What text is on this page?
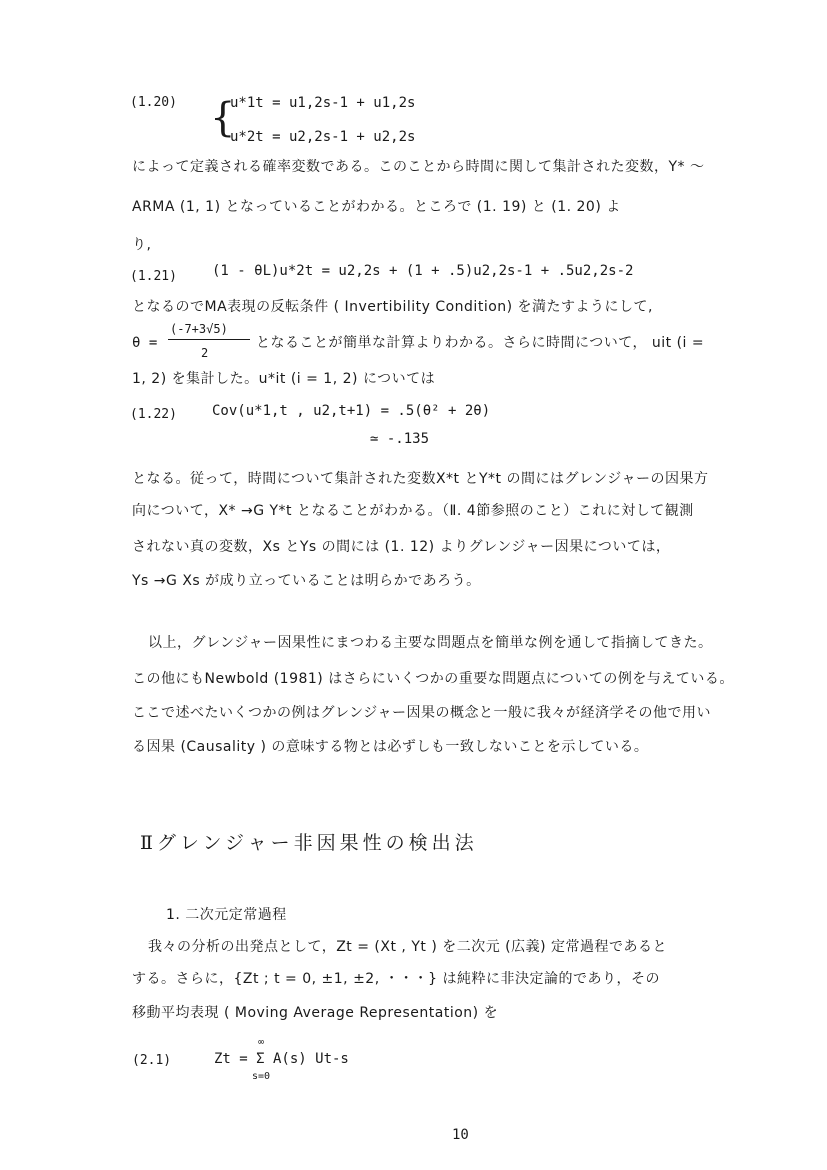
(1.20) {
u*1t = u1,2s-1 + u1,2s
u*2t = u2,2s-1 + u2,2s
によって定義される確率変数である。このことから時間に関して集計された変数，Y* ～
ARMA (1, 1) となっていることがわかる。ところで (1. 19) と (1. 20) よ
り,
(1.21)	(1 - θL)u*2t = u2,2s + (1 + .5)u2,2s-1 + .5u2,2s-2
となるのでMA表現の反転条件 ( Invertibility Condition) を満たすようにして,
θ =
(-7+3√5)
2
となることが簡単な計算よりわかる。さらに時間について， uit (i =
1, 2) を集計した。u*it (i = 1, 2) については
(1.22)	Cov(u*1,t , u2,t+1) = .5(θ² + 2θ)
≃ -.135
となる。従って，時間について集計された変数X*t とY*t の間にはグレンジャーの因果方
向について，X* →G Y*t となることがわかる。（Ⅱ. 4節参照のこと）これに対して観測
されない真の変数，Xs とYs の間には (1. 12) よりグレンジャー因果については，
Ys →G Xs が成り立っていることは明らかであろう。
以上，グレンジャー因果性にまつわる主要な問題点を簡単な例を通して指摘してきた。
この他にもNewbold (1981) はさらにいくつかの重要な問題点についての例を与えている。
ここで述べたいくつかの例はグレンジャー因果の概念と一般に我々が経済学その他で用い
る因果 (Causality ) の意味する物とは必ずしも一致しないことを示している。
Ⅱグレンジャー非因果性の検出法
1. 二次元定常過程
我々の分析の出発点として，Zt = (Xt , Yt ) を二次元 (広義) 定常過程であると
する。さらに，{Zt ; t = 0, ±1, ±2, ・・・} は純粋に非決定論的であり，その
移動平均表現 ( Moving Average Representation) を
(2.1)
∞
Zt = Σ A(s) Ut-s
s=0
10
